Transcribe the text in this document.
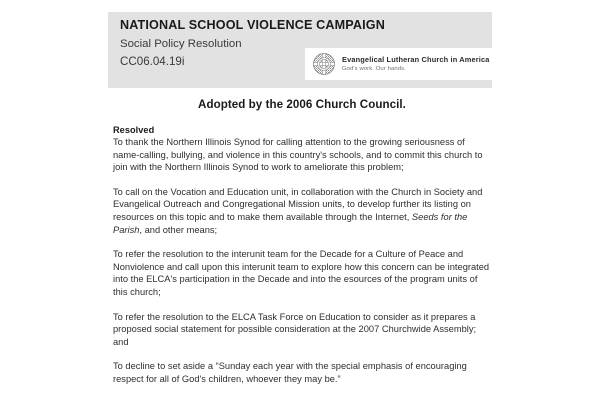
NATIONAL SCHOOL VIOLENCE CAMPAIGN
Social Policy Resolution
CC06.04.19i	Evangelical Lutheran Church in America
God's work. Our hands.
Adopted by the 2006 Church Council.
Resolved

To thank the Northern Illinois Synod for calling attention to the growing seriousness of name-calling, bullying, and violence in this country's schools, and to commit this church to join with the Northern Illinois Synod to work to ameliorate this problem;

To call on the Vocation and Education unit, in collaboration with the Church in Society and Evangelical Outreach and Congregational Mission units, to develop further its listing on resources on this topic and to make them available through the Internet, Seeds for the Parish, and other means;

To refer the resolution to the interunit team for the Decade for a Culture of Peace and Nonviolence and call upon this interunit team to explore how this concern can be integrated into the ELCA's participation in the Decade and into the esources of the program units of this church;

To refer the resolution to the ELCA Task Force on Education to consider as it prepares a proposed social statement for possible consideration at the 2007 Churchwide Assembly; and

To decline to set aside a “Sunday each year with the special emphasis of encouraging respect for all of God's children, whoever they may be.”
